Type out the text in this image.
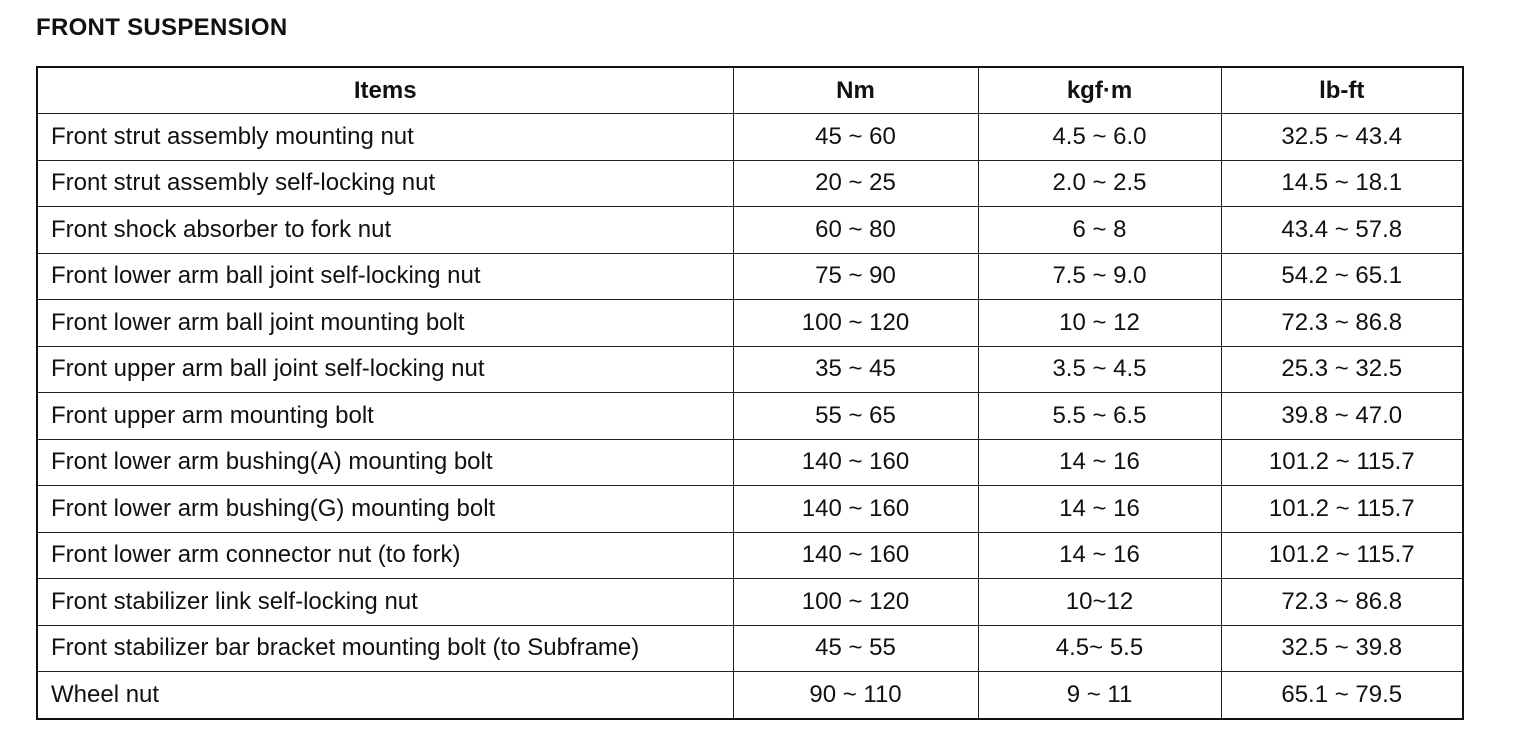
FRONT SUSPENSION
Items	Nm	kgf·m	lb-ft
Front strut assembly mounting nut	45 ~ 60	4.5 ~ 6.0	32.5 ~ 43.4
Front strut assembly self-locking nut	20 ~ 25	2.0 ~ 2.5	14.5 ~ 18.1
Front shock absorber to fork nut	60 ~ 80	6 ~ 8	43.4 ~ 57.8
Front lower arm ball joint self-locking nut	75 ~ 90	7.5 ~ 9.0	54.2 ~ 65.1
Front lower arm ball joint mounting bolt	100 ~ 120	10 ~ 12	72.3 ~ 86.8
Front upper arm ball joint self-locking nut	35 ~ 45	3.5 ~ 4.5	25.3 ~ 32.5
Front upper arm mounting bolt	55 ~ 65	5.5 ~ 6.5	39.8 ~ 47.0
Front lower arm bushing(A) mounting bolt	140 ~ 160	14 ~ 16	101.2 ~ 115.7
Front lower arm bushing(G) mounting bolt	140 ~ 160	14 ~ 16	101.2 ~ 115.7
Front lower arm connector nut (to fork)	140 ~ 160	14 ~ 16	101.2 ~ 115.7
Front stabilizer link self-locking nut	100 ~ 120	10~12	72.3 ~ 86.8
Front stabilizer bar bracket mounting bolt (to Subframe)	45 ~ 55	4.5~ 5.5	32.5 ~ 39.8
Wheel nut	90 ~ 110	9 ~ 11	65.1 ~ 79.5
